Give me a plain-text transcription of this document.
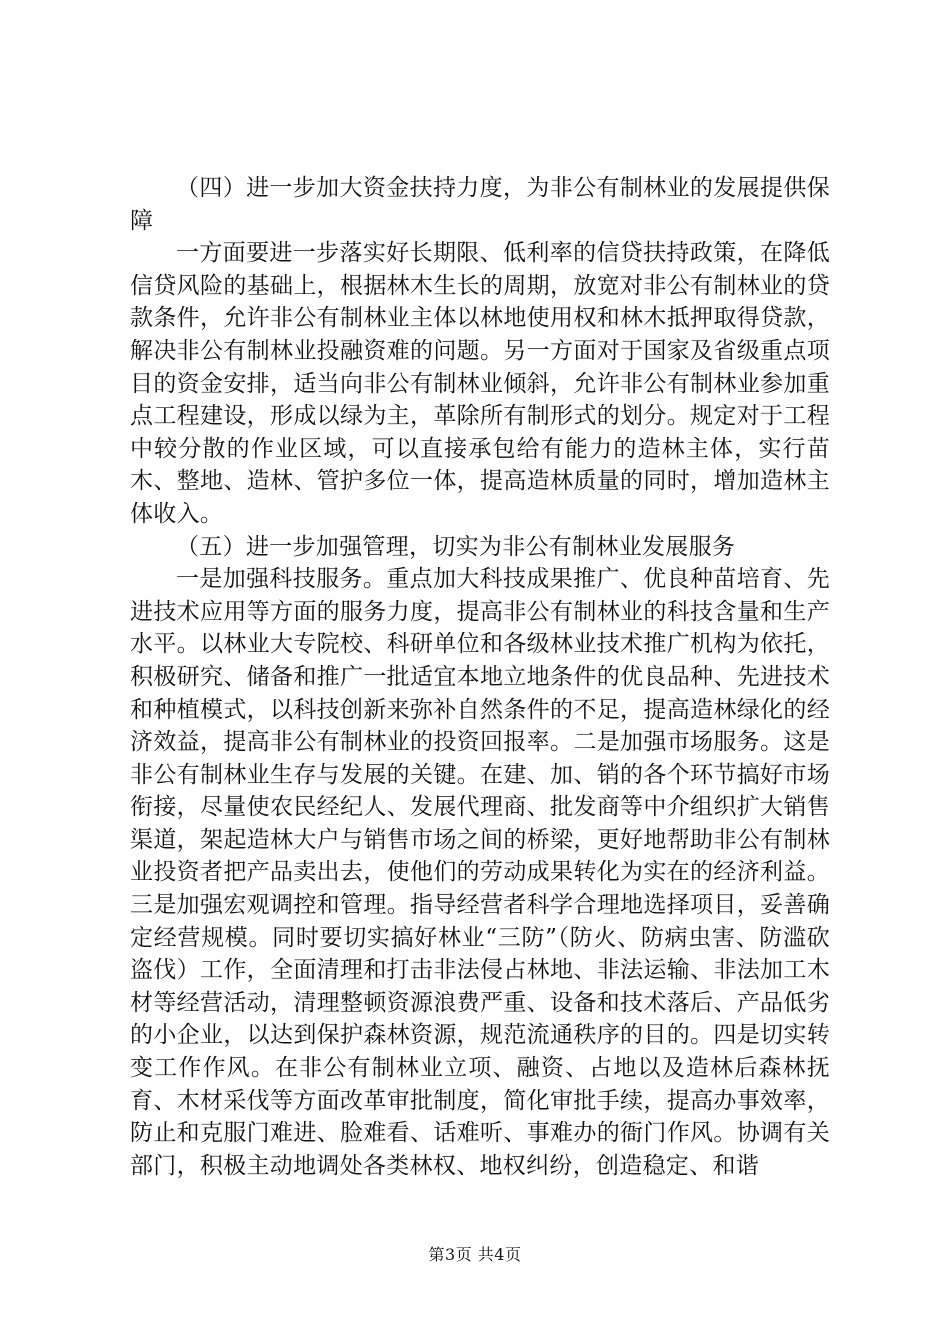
（四）进一步加大资金扶持力度，为非公有制林业的发展提供保障

一方面要进一步落实好长期限、低利率的信贷扶持政策，在降低信贷风险的基础上，根据林木生长的周期，放宽对非公有制林业的贷款条件，允许非公有制林业主体以林地使用权和林木抵押取得贷款，解决非公有制林业投融资难的问题。另一方面对于国家及省级重点项目的资金安排，适当向非公有制林业倾斜，允许非公有制林业参加重点工程建设，形成以绿为主，革除所有制形式的划分。规定对于工程中较分散的作业区域，可以直接承包给有能力的造林主体，实行苗木、整地、造林、管护多位一体，提高造林质量的同时，增加造林主体收入。

（五）进一步加强管理，切实为非公有制林业发展服务

一是加强科技服务。重点加大科技成果推广、优良种苗培育、先进技术应用等方面的服务力度，提高非公有制林业的科技含量和生产水平。以林业大专院校、科研单位和各级林业技术推广机构为依托，积极研究、储备和推广一批适宜本地立地条件的优良品种、先进技术和种植模式，以科技创新来弥补自然条件的不足，提高造林绿化的经济效益，提高非公有制林业的投资回报率。二是加强市场服务。这是非公有制林业生存与发展的关键。在建、加、销的各个环节搞好市场衔接，尽量使农民经纪人、发展代理商、批发商等中介组织扩大销售渠道，架起造林大户与销售市场之间的桥梁，更好地帮助非公有制林业投资者把产品卖出去，使他们的劳动成果转化为实在的经济利益。三是加强宏观调控和管理。指导经营者科学合理地选择项目，妥善确定经营规模。同时要切实搞好林业“三防”（防火、防病虫害、防滥砍盗伐）工作，全面清理和打击非法侵占林地、非法运输、非法加工木材等经营活动，清理整顿资源浪费严重、设备和技术落后、产品低劣的小企业，以达到保护森林资源，规范流通秩序的目的。四是切实转变工作作风。在非公有制林业立项、融资、占地以及造林后森林抚育、木材采伐等方面改革审批制度，简化审批手续，提高办事效率，防止和克服门难进、脸难看、话难听、事难办的衙门作风。协调有关部门，积极主动地调处各类林权、地权纠纷，创造稳定、和谐

第3页 共4页
